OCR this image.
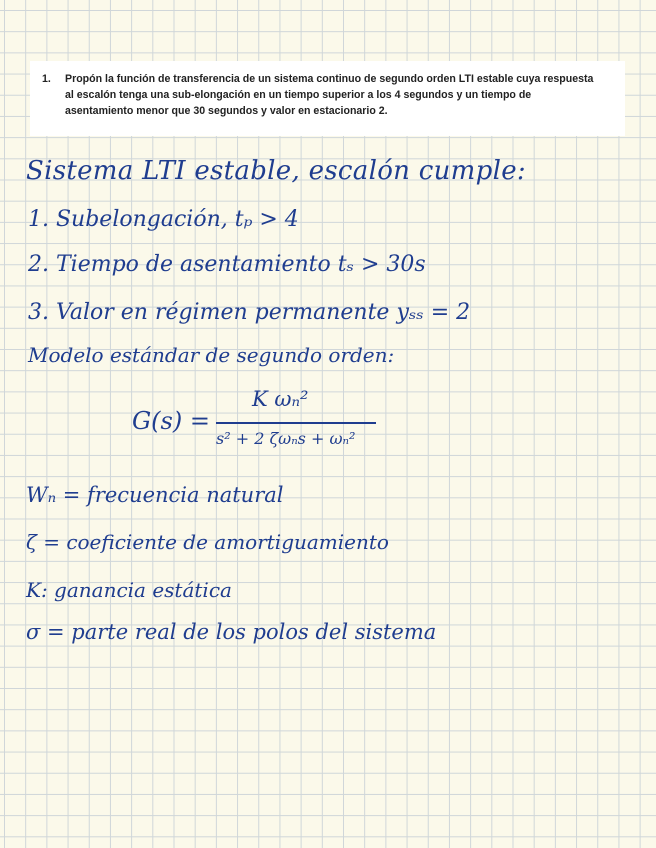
1.	Propón la función de transferencia de un sistema continuo de segundo orden LTI estable cuya respuesta al escalón tenga una sub-elongación en un tiempo superior a los 4 segundos y un tiempo de asentamiento menor que 30 segundos y valor en estacionario 2.

Sistema LTI estable, escalón cumple:

1. Subelongación, tₚ > 4

2. Tiempo de asentamiento tₛ > 30s

3. Valor en régimen permanente yₛₛ = 2

Modelo estándar de segundo orden:

G(s) =
K ωₙ²
s² + 2 ζωₙs + ωₙ²

Wₙ = frecuencia natural

ζ = coeficiente de amortiguamiento

K: ganancia estática

σ = parte real de los polos del sistema
